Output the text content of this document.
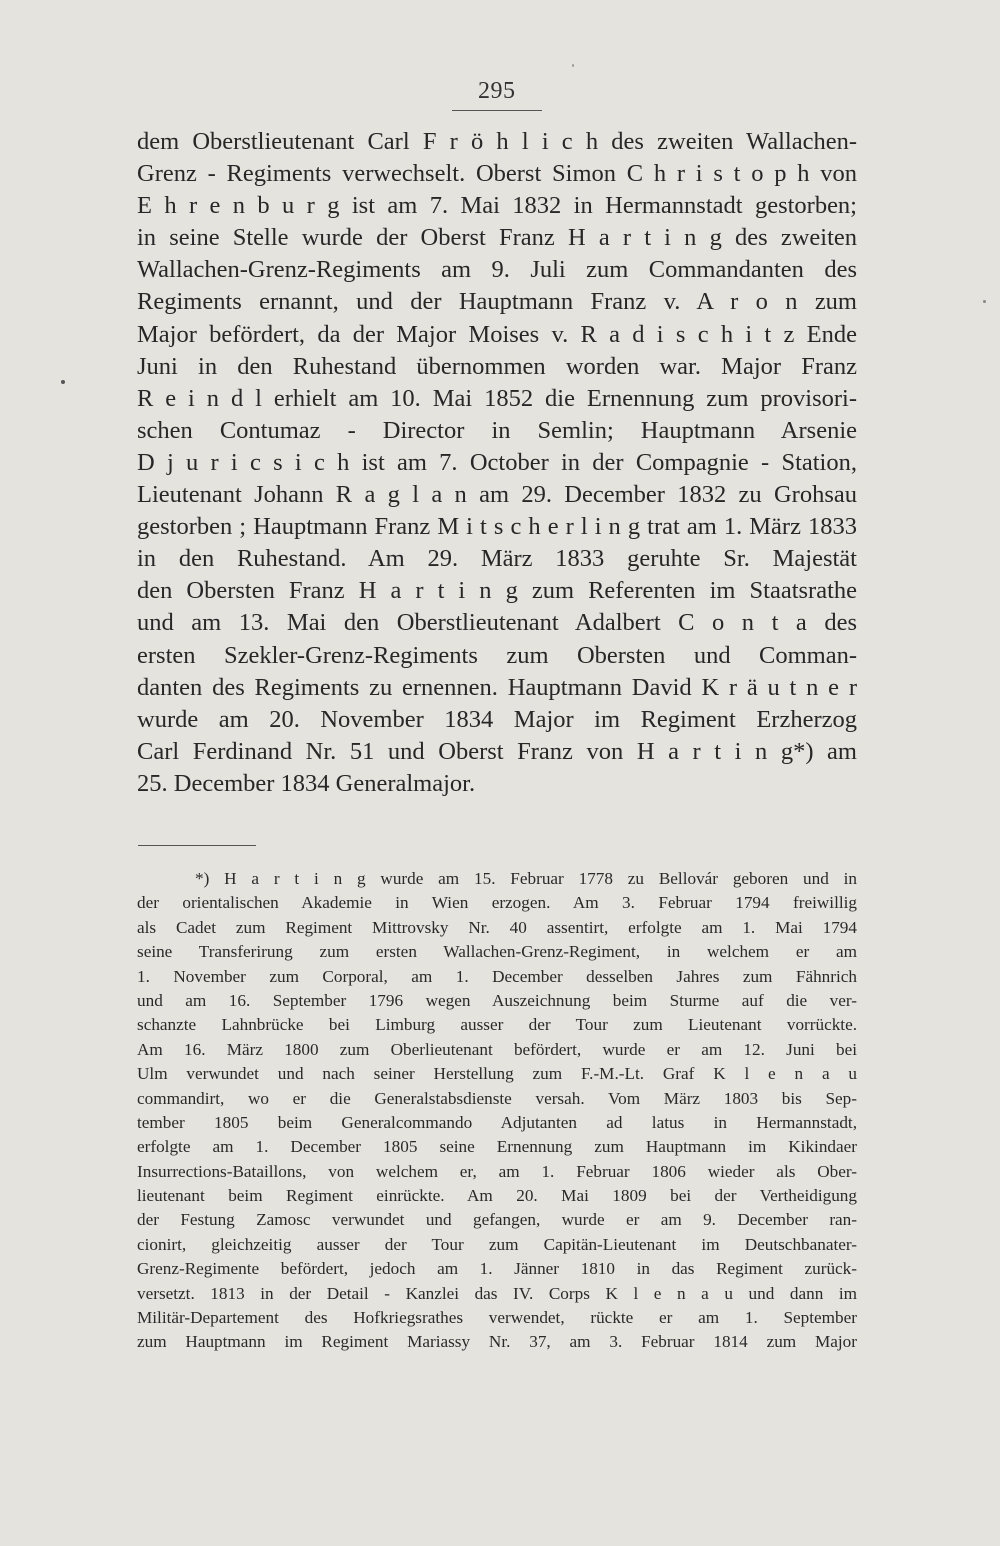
295
dem Oberstlieutenant Carl F r ö h l i c h des zweiten Wallachen-
Grenz - Regiments verwechselt. Oberst Simon C h r i s t o p h von
E h r e n b u r g ist am 7. Mai 1832 in Hermannstadt gestorben;
in seine Stelle wurde der Oberst Franz H a r t i n g des zweiten
Wallachen-Grenz-Regiments am 9. Juli zum Commandanten des
Regiments ernannt, und der Hauptmann Franz v. A r o n zum
Major befördert, da der Major Moises v. R a d i s c h i t z Ende
Juni in den Ruhestand übernommen worden war. Major Franz
R e i n d l erhielt am 10. Mai 1852 die Ernennung zum provisori-
schen Contumaz - Director in Semlin; Hauptmann Arsenie
D j u r i c s i c h ist am 7. October in der Compagnie - Station,
Lieutenant Johann R a g l a n am 29. December 1832 zu Grohsau
gestorben ; Hauptmann Franz M i t s c h e r l i n g trat am 1. März 1833
in den Ruhestand. Am 29. März 1833 geruhte Sr. Majestät
den Obersten Franz H a r t i n g zum Referenten im Staatsrathe
und am 13. Mai den Oberstlieutenant Adalbert C o n t a des
ersten Szekler-Grenz-Regiments zum Obersten und Comman-
danten des Regiments zu ernennen. Hauptmann David K r ä u t n e r
wurde am 20. November 1834 Major im Regiment Erzherzog
Carl Ferdinand Nr. 51 und Oberst Franz von H a r t i n g*) am
25. December 1834 Generalmajor.
*) H a r t i n g wurde am 15. Februar 1778 zu Bellovár geboren und in
der orientalischen Akademie in Wien erzogen. Am 3. Februar 1794 freiwillig
als Cadet zum Regiment Mittrovsky Nr. 40 assentirt, erfolgte am 1. Mai 1794
seine Transferirung zum ersten Wallachen-Grenz-Regiment, in welchem er am
1. November zum Corporal, am 1. December desselben Jahres zum Fähnrich
und am 16. September 1796 wegen Auszeichnung beim Sturme auf die ver-
schanzte Lahnbrücke bei Limburg ausser der Tour zum Lieutenant vorrückte.
Am 16. März 1800 zum Oberlieutenant befördert, wurde er am 12. Juni bei
Ulm verwundet und nach seiner Herstellung zum F.-M.-Lt. Graf K l e n a u
commandirt, wo er die Generalstabsdienste versah. Vom März 1803 bis Sep-
tember 1805 beim Generalcommando Adjutanten ad latus in Hermannstadt,
erfolgte am 1. December 1805 seine Ernennung zum Hauptmann im Kikindaer
Insurrections-Bataillons, von welchem er, am 1. Februar 1806 wieder als Ober-
lieutenant beim Regiment einrückte. Am 20. Mai 1809 bei der Vertheidigung
der Festung Zamosc verwundet und gefangen, wurde er am 9. December ran-
cionirt, gleichzeitig ausser der Tour zum Capitän-Lieutenant im Deutschbanater-
Grenz-Regimente befördert, jedoch am 1. Jänner 1810 in das Regiment zurück-
versetzt. 1813 in der Detail - Kanzlei das IV. Corps K l e n a u und dann im
Militär-Departement des Hofkriegsrathes verwendet, rückte er am 1. September
zum Hauptmann im Regiment Mariassy Nr. 37, am 3. Februar 1814 zum Major
